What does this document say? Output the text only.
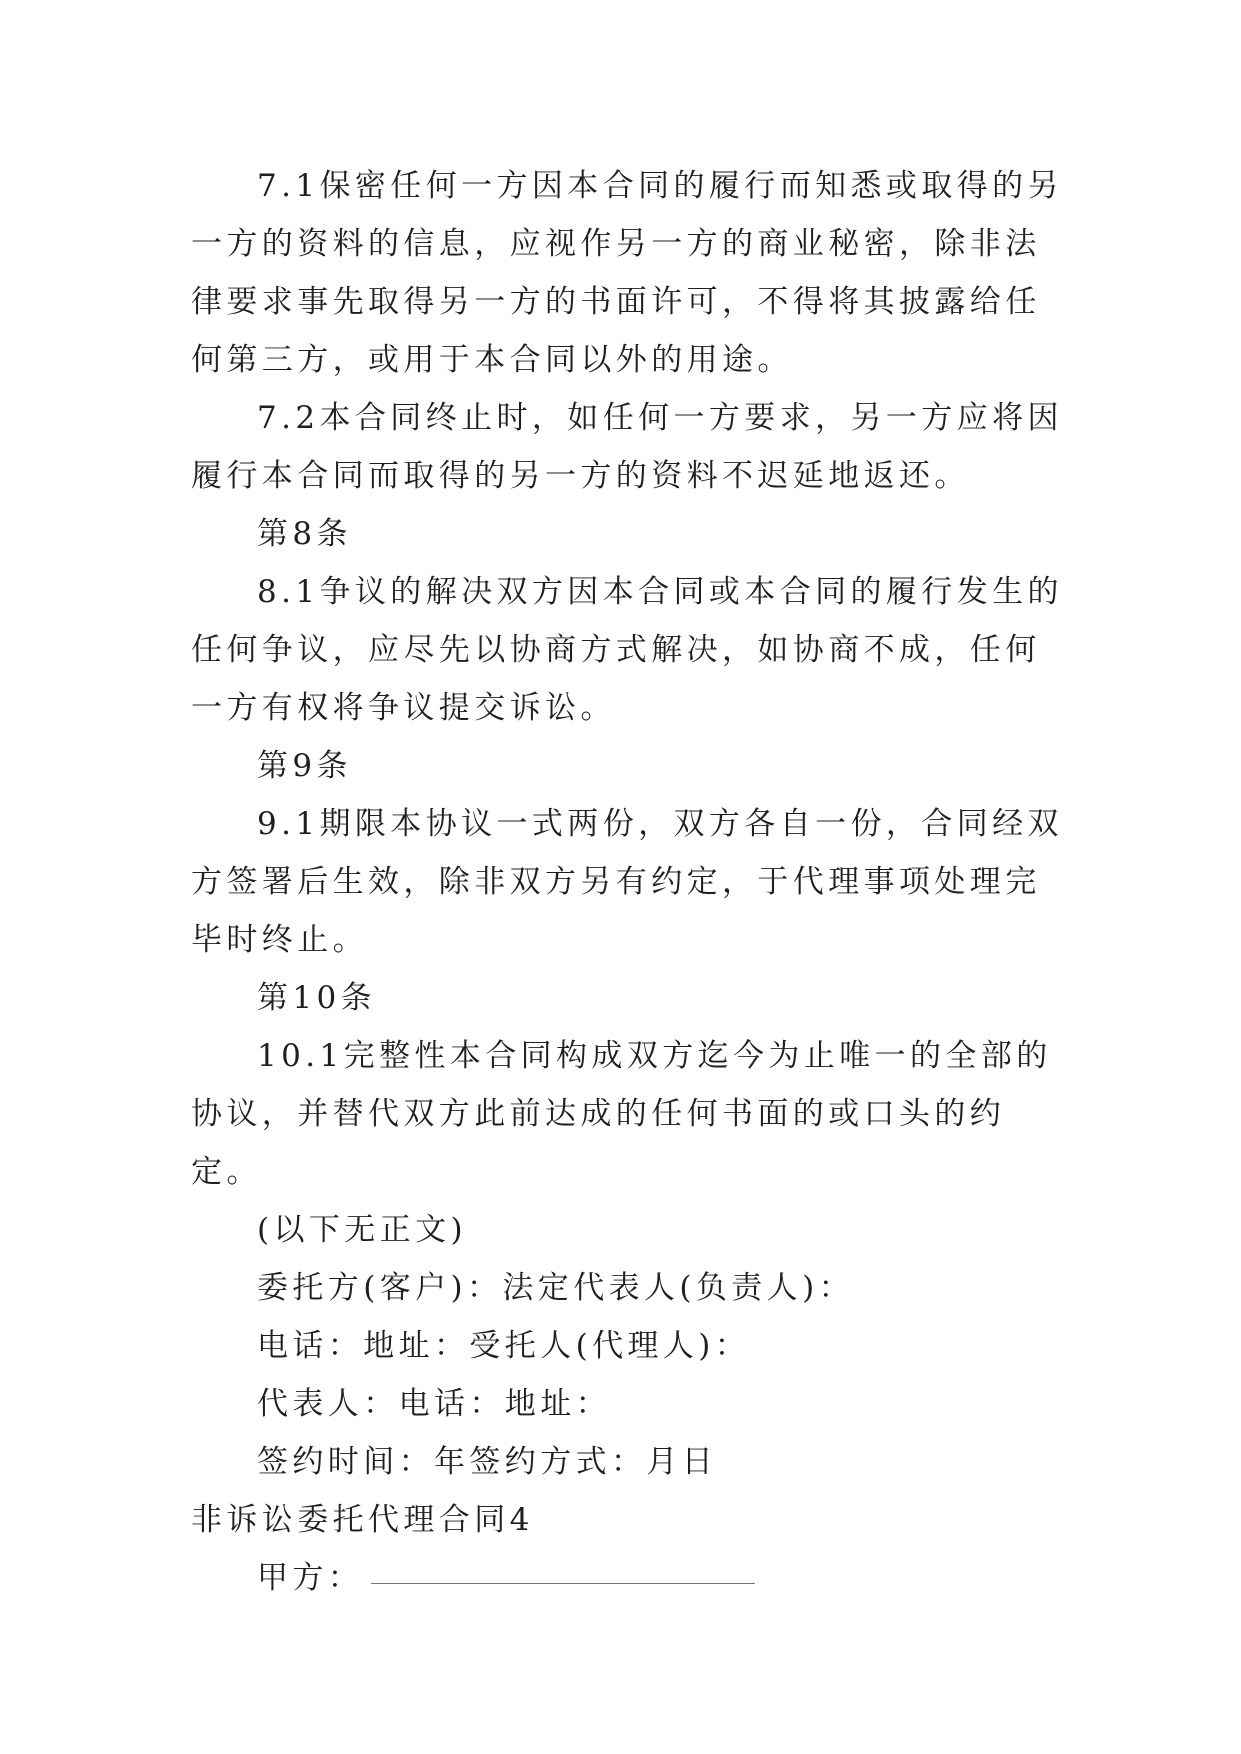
7.1保密任何一方因本合同的履行而知悉或取得的另一方的资料的信息，应视作另一方的商业秘密，除非法律要求事先取得另一方的书面许可，不得将其披露给任何第三方，或用于本合同以外的用途。

7.2本合同终止时，如任何一方要求，另一方应将因履行本合同而取得的另一方的资料不迟延地返还。

第8条

8.1争议的解决双方因本合同或本合同的履行发生的任何争议，应尽先以协商方式解决，如协商不成，任何一方有权将争议提交诉讼。

第9条

9.1期限本协议一式两份，双方各自一份，合同经双方签署后生效，除非双方另有约定，于代理事项处理完毕时终止。

第10条

10.1完整性本合同构成双方迄今为止唯一的全部的协议，并替代双方此前达成的任何书面的或口头的约定。

(以下无正文)

委托方(客户)：法定代表人(负责人)：

电话：地址：受托人(代理人)：

代表人：电话：地址：

签约时间：年签约方式：月日

非诉讼委托代理合同4

甲方：
